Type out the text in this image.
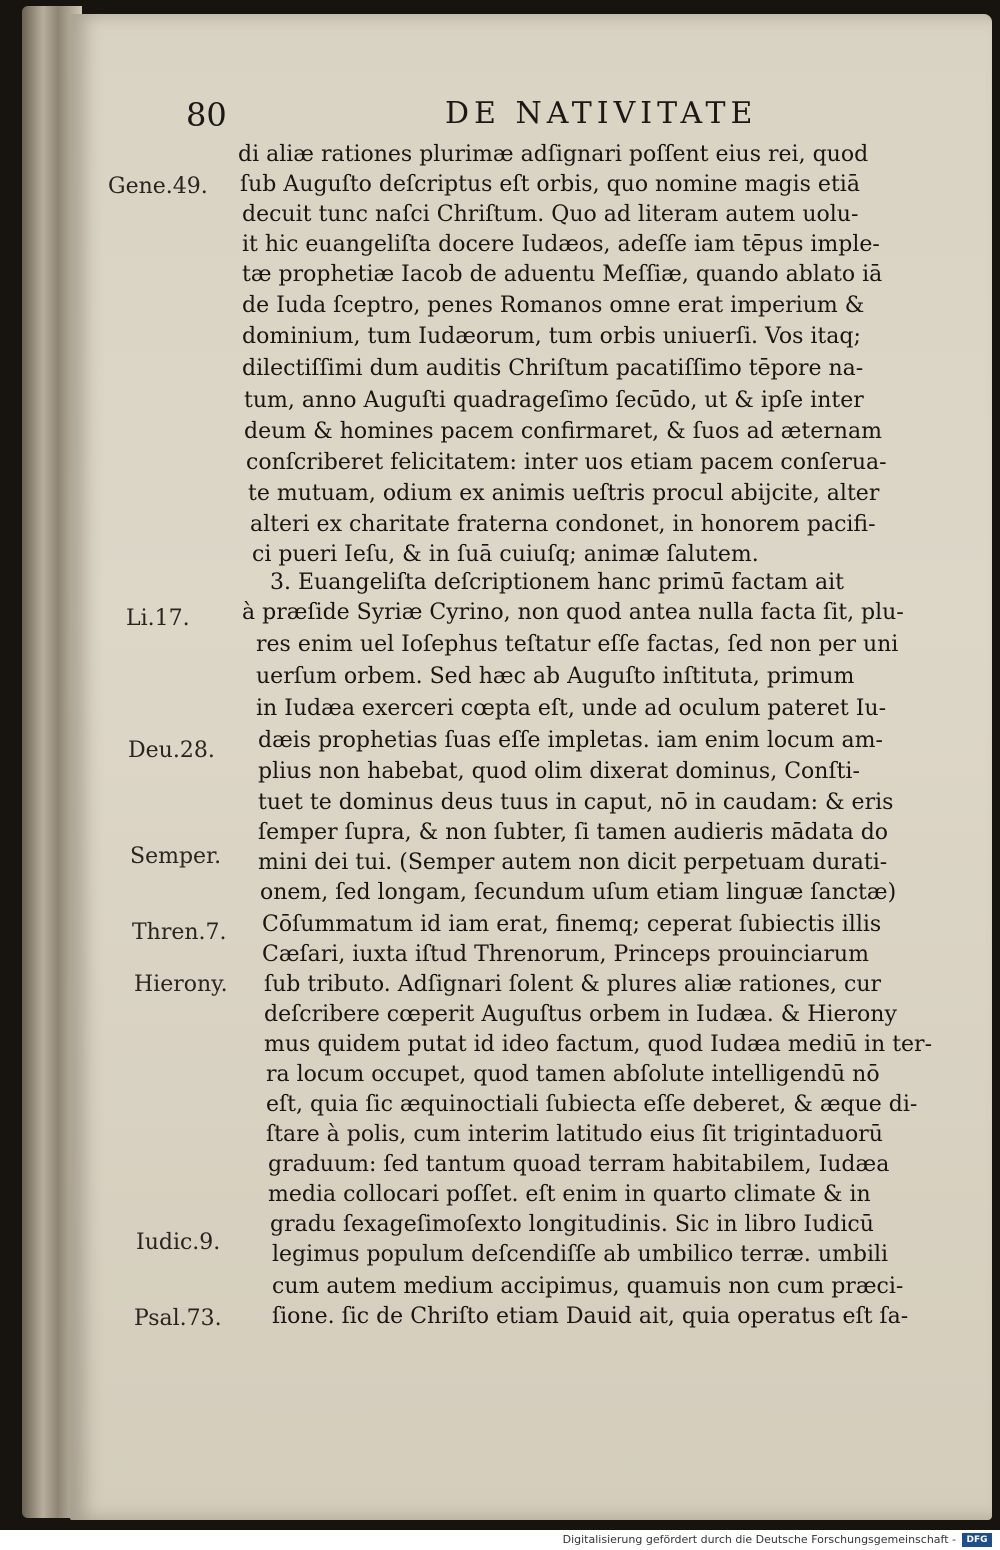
80	DE NATIVITATE
Gene.49.
Li.17.
Deu.28.
Semper.
Thren.7.
Hierony.
Iudic.9.
Psal.73.
di aliæ rationes plurimæ adſignari poſſent eius rei, quod
ſub Auguſto deſcriptus eſt orbis, quo nomine magis etiā
decuit tunc naſci Chriſtum. Quo ad literam autem uolu-
it hic euangeliſta docere Iudæos, adeſſe iam tēpus imple-
tæ prophetiæ Iacob de aduentu Meſſiæ, quando ablato iā
de Iuda ſceptro, penes Romanos omne erat imperium &
dominium, tum Iudæorum, tum orbis uniuerſi. Vos itaq;
dilectiſſimi dum auditis Chriſtum pacatiſſimo tēpore na-
tum, anno Auguſti quadrageſimo ſecūdo, ut & ipſe inter
deum & homines pacem confirmaret, & ſuos ad æternam
conſcriberet felicitatem: inter uos etiam pacem conſerua-
te mutuam, odium ex animis ueſtris procul abijcite, alter
alteri ex charitate fraterna condonet, in honorem pacifi-
ci pueri Ieſu, & in ſuā cuiuſq; animæ ſalutem.
3. Euangeliſta deſcriptionem hanc primū factam ait
à præſide Syriæ Cyrino, non quod antea nulla facta ſit, plu-
res enim uel Ioſephus teſtatur eſſe factas, ſed non per uni
uerſum orbem. Sed hæc ab Auguſto inſtituta, primum
in Iudæa exerceri cœpta eſt, unde ad oculum pateret Iu-
dæis prophetias ſuas eſſe impletas. iam enim locum am-
plius non habebat, quod olim dixerat dominus, Conſti-
tuet te dominus deus tuus in caput, nō in caudam: & eris
ſemper ſupra, & non ſubter, ſi tamen audieris mādata do
mini dei tui. (Semper autem non dicit perpetuam durati-
onem, ſed longam, ſecundum uſum etiam linguæ ſanctæ)
Cōſummatum id iam erat, finemq; ceperat ſubiectis illis
Cæſari, iuxta iſtud Threnorum, Princeps prouinciarum
ſub tributo. Adſignari ſolent & plures aliæ rationes, cur
deſcribere cœperit Auguſtus orbem in Iudæa. & Hierony
mus quidem putat id ideo factum, quod Iudæa mediū in ter-
ra locum occupet, quod tamen abſolute intelligendū nō
eſt, quia ſic æquinoctiali ſubiecta eſſe deberet, & æque di-
ſtare à polis, cum interim latitudo eius ſit trigintaduorū
graduum: ſed tantum quoad terram habitabilem, Iudæa
media collocari poſſet. eſt enim in quarto climate & in
gradu ſexageſimoſexto longitudinis. Sic in libro Iudicū
legimus populum deſcendiſſe ab umbilico terræ. umbili
cum autem medium accipimus, quamuis non cum præci-
ſione. ſic de Chriſto etiam Dauid ait, quia operatus eſt ſa-
Digitalisierung gefördert durch die Deutsche Forschungsgemeinschaft -	DFG
